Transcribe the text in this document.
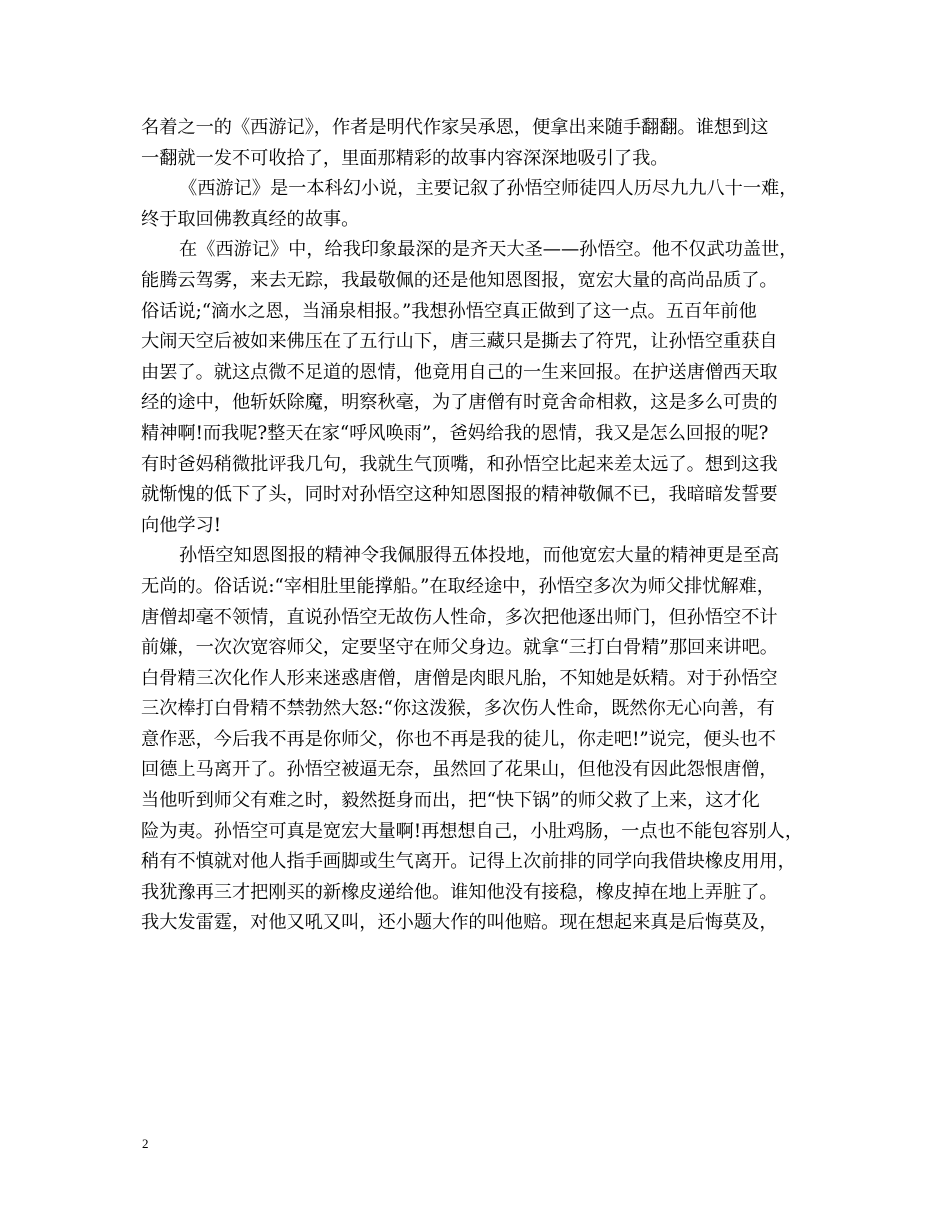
名着之一的《西游记》，作者是明代作家吴承恩，便拿出来随手翻翻。谁想到这
一翻就一发不可收拾了，里面那精彩的故事内容深深地吸引了我。
《西游记》是一本科幻小说，主要记叙了孙悟空师徒四人历尽九九八十一难，
终于取回佛教真经的故事。
在《西游记》中，给我印象最深的是齐天大圣——孙悟空。他不仅武功盖世，
能腾云驾雾，来去无踪，我最敬佩的还是他知恩图报，宽宏大量的高尚品质了。
俗话说;“滴水之恩，当涌泉相报。”我想孙悟空真正做到了这一点。五百年前他
大闹天空后被如来佛压在了五行山下，唐三藏只是撕去了符咒，让孙悟空重获自
由罢了。就这点微不足道的恩情，他竟用自己的一生来回报。在护送唐僧西天取
经的途中，他斩妖除魔，明察秋毫，为了唐僧有时竟舍命相救，这是多么可贵的
精神啊!而我呢?整天在家“呼风唤雨”，爸妈给我的恩情，我又是怎么回报的呢?
有时爸妈稍微批评我几句，我就生气顶嘴，和孙悟空比起来差太远了。想到这我
就惭愧的低下了头，同时对孙悟空这种知恩图报的精神敬佩不已，我暗暗发誓要
向他学习!
孙悟空知恩图报的精神令我佩服得五体投地，而他宽宏大量的精神更是至高
无尚的。俗话说:“宰相肚里能撑船。”在取经途中，孙悟空多次为师父排忧解难，
唐僧却毫不领情，直说孙悟空无故伤人性命，多次把他逐出师门，但孙悟空不计
前嫌，一次次宽容师父，定要坚守在师父身边。就拿“三打白骨精”那回来讲吧。
白骨精三次化作人形来迷惑唐僧，唐僧是肉眼凡胎，不知她是妖精。对于孙悟空
三次棒打白骨精不禁勃然大怒:“你这泼猴，多次伤人性命，既然你无心向善，有
意作恶，今后我不再是你师父，你也不再是我的徒儿，你走吧!”说完，便头也不
回德上马离开了。孙悟空被逼无奈，虽然回了花果山，但他没有因此怨恨唐僧，
当他听到师父有难之时，毅然挺身而出，把“快下锅”的师父救了上来，这才化
险为夷。孙悟空可真是宽宏大量啊!再想想自己，小肚鸡肠，一点也不能包容别人，
稍有不慎就对他人指手画脚或生气离开。记得上次前排的同学向我借块橡皮用用，
我犹豫再三才把刚买的新橡皮递给他。谁知他没有接稳，橡皮掉在地上弄脏了。
我大发雷霆，对他又吼又叫，还小题大作的叫他赔。现在想起来真是后悔莫及，
2
